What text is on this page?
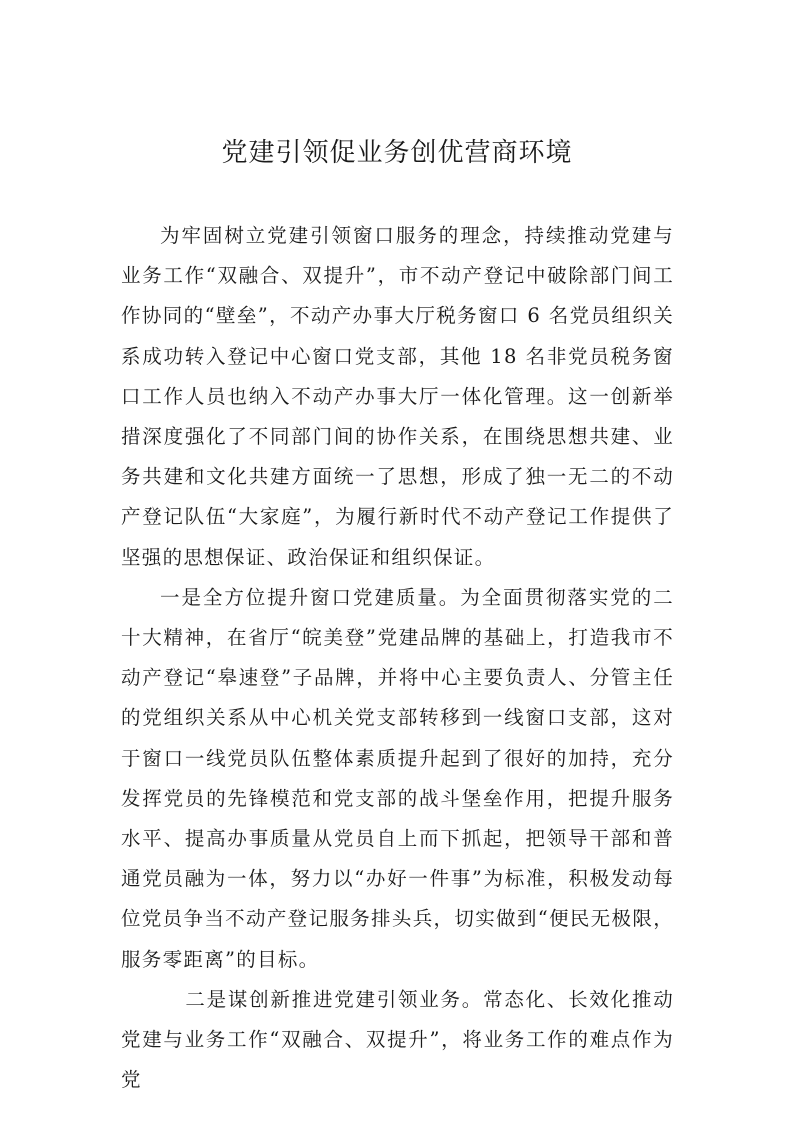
党建引领促业务创优营商环境

为牢固树立党建引领窗口服务的理念，持续推动党建与业务工作“双融合、双提升”，市不动产登记中破除部门间工作协同的“壁垒”，不动产办事大厅税务窗口 6 名党员组织关系成功转入登记中心窗口党支部，其他 18 名非党员税务窗口工作人员也纳入不动产办事大厅一体化管理。这一创新举措深度强化了不同部门间的协作关系，在围绕思想共建、业务共建和文化共建方面统一了思想，形成了独一无二的不动产登记队伍“大家庭”，为履行新时代不动产登记工作提供了坚强的思想保证、政治保证和组织保证。

一是全方位提升窗口党建质量。为全面贯彻落实党的二十大精神，在省厅“皖美登”党建品牌的基础上，打造我市不动产登记“皋速登”子品牌，并将中心主要负责人、分管主任的党组织关系从中心机关党支部转移到一线窗口支部，这对于窗口一线党员队伍整体素质提升起到了很好的加持，充分发挥党员的先锋模范和党支部的战斗堡垒作用，把提升服务水平、提高办事质量从党员自上而下抓起，把领导干部和普通党员融为一体，努力以“办好一件事”为标准，积极发动每位党员争当不动产登记服务排头兵，切实做到“便民无极限，服务零距离”的目标。

二是谋创新推进党建引领业务。常态化、长效化推动党建与业务工作“双融合、双提升”，将业务工作的难点作为党
